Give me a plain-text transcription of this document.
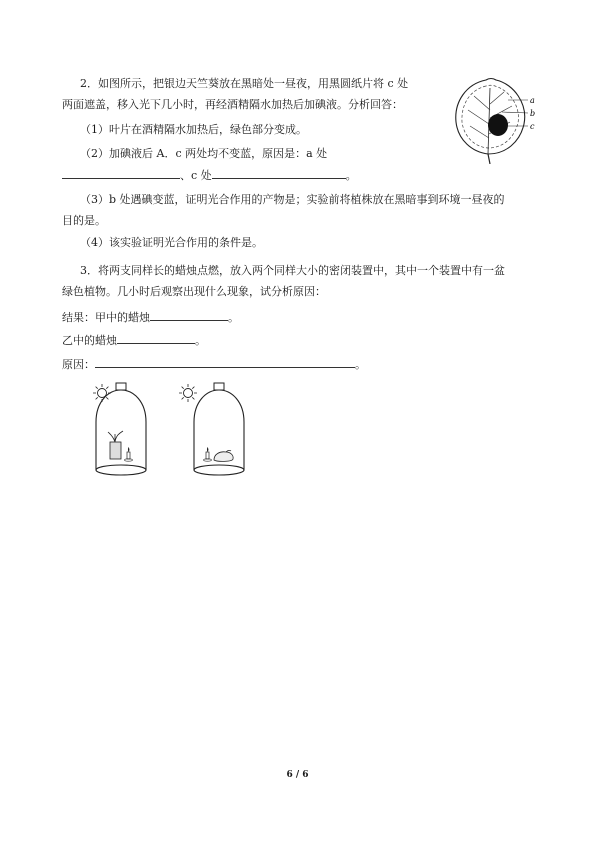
2．如图所示，把银边天竺葵放在黑暗处一昼夜，用黑圆纸片将 c 处
两面遮盖，移入光下几小时，再经酒精隔水加热后加碘液。分析回答：
（1）叶片在酒精隔水加热后，绿色部分变成。
（2）加碘液后 A．c 两处均不变蓝，原因是：a 处
、c 处	。
（3）b 处遇碘变蓝，证明光合作用的产物是；实验前将植株放在黑暗事到环境一昼夜的
目的是。
（4）该实验证明光合作用的条件是。
a
b
c
3．将两支同样长的蜡烛点燃，放入两个同样大小的密闭装置中，其中一个装置中有一盆
绿色植物。几小时后观察出现什么现象，试分析原因：
结果：甲中的蜡烛	。
乙中的蜡烛	。
原因：	。
6 / 6
